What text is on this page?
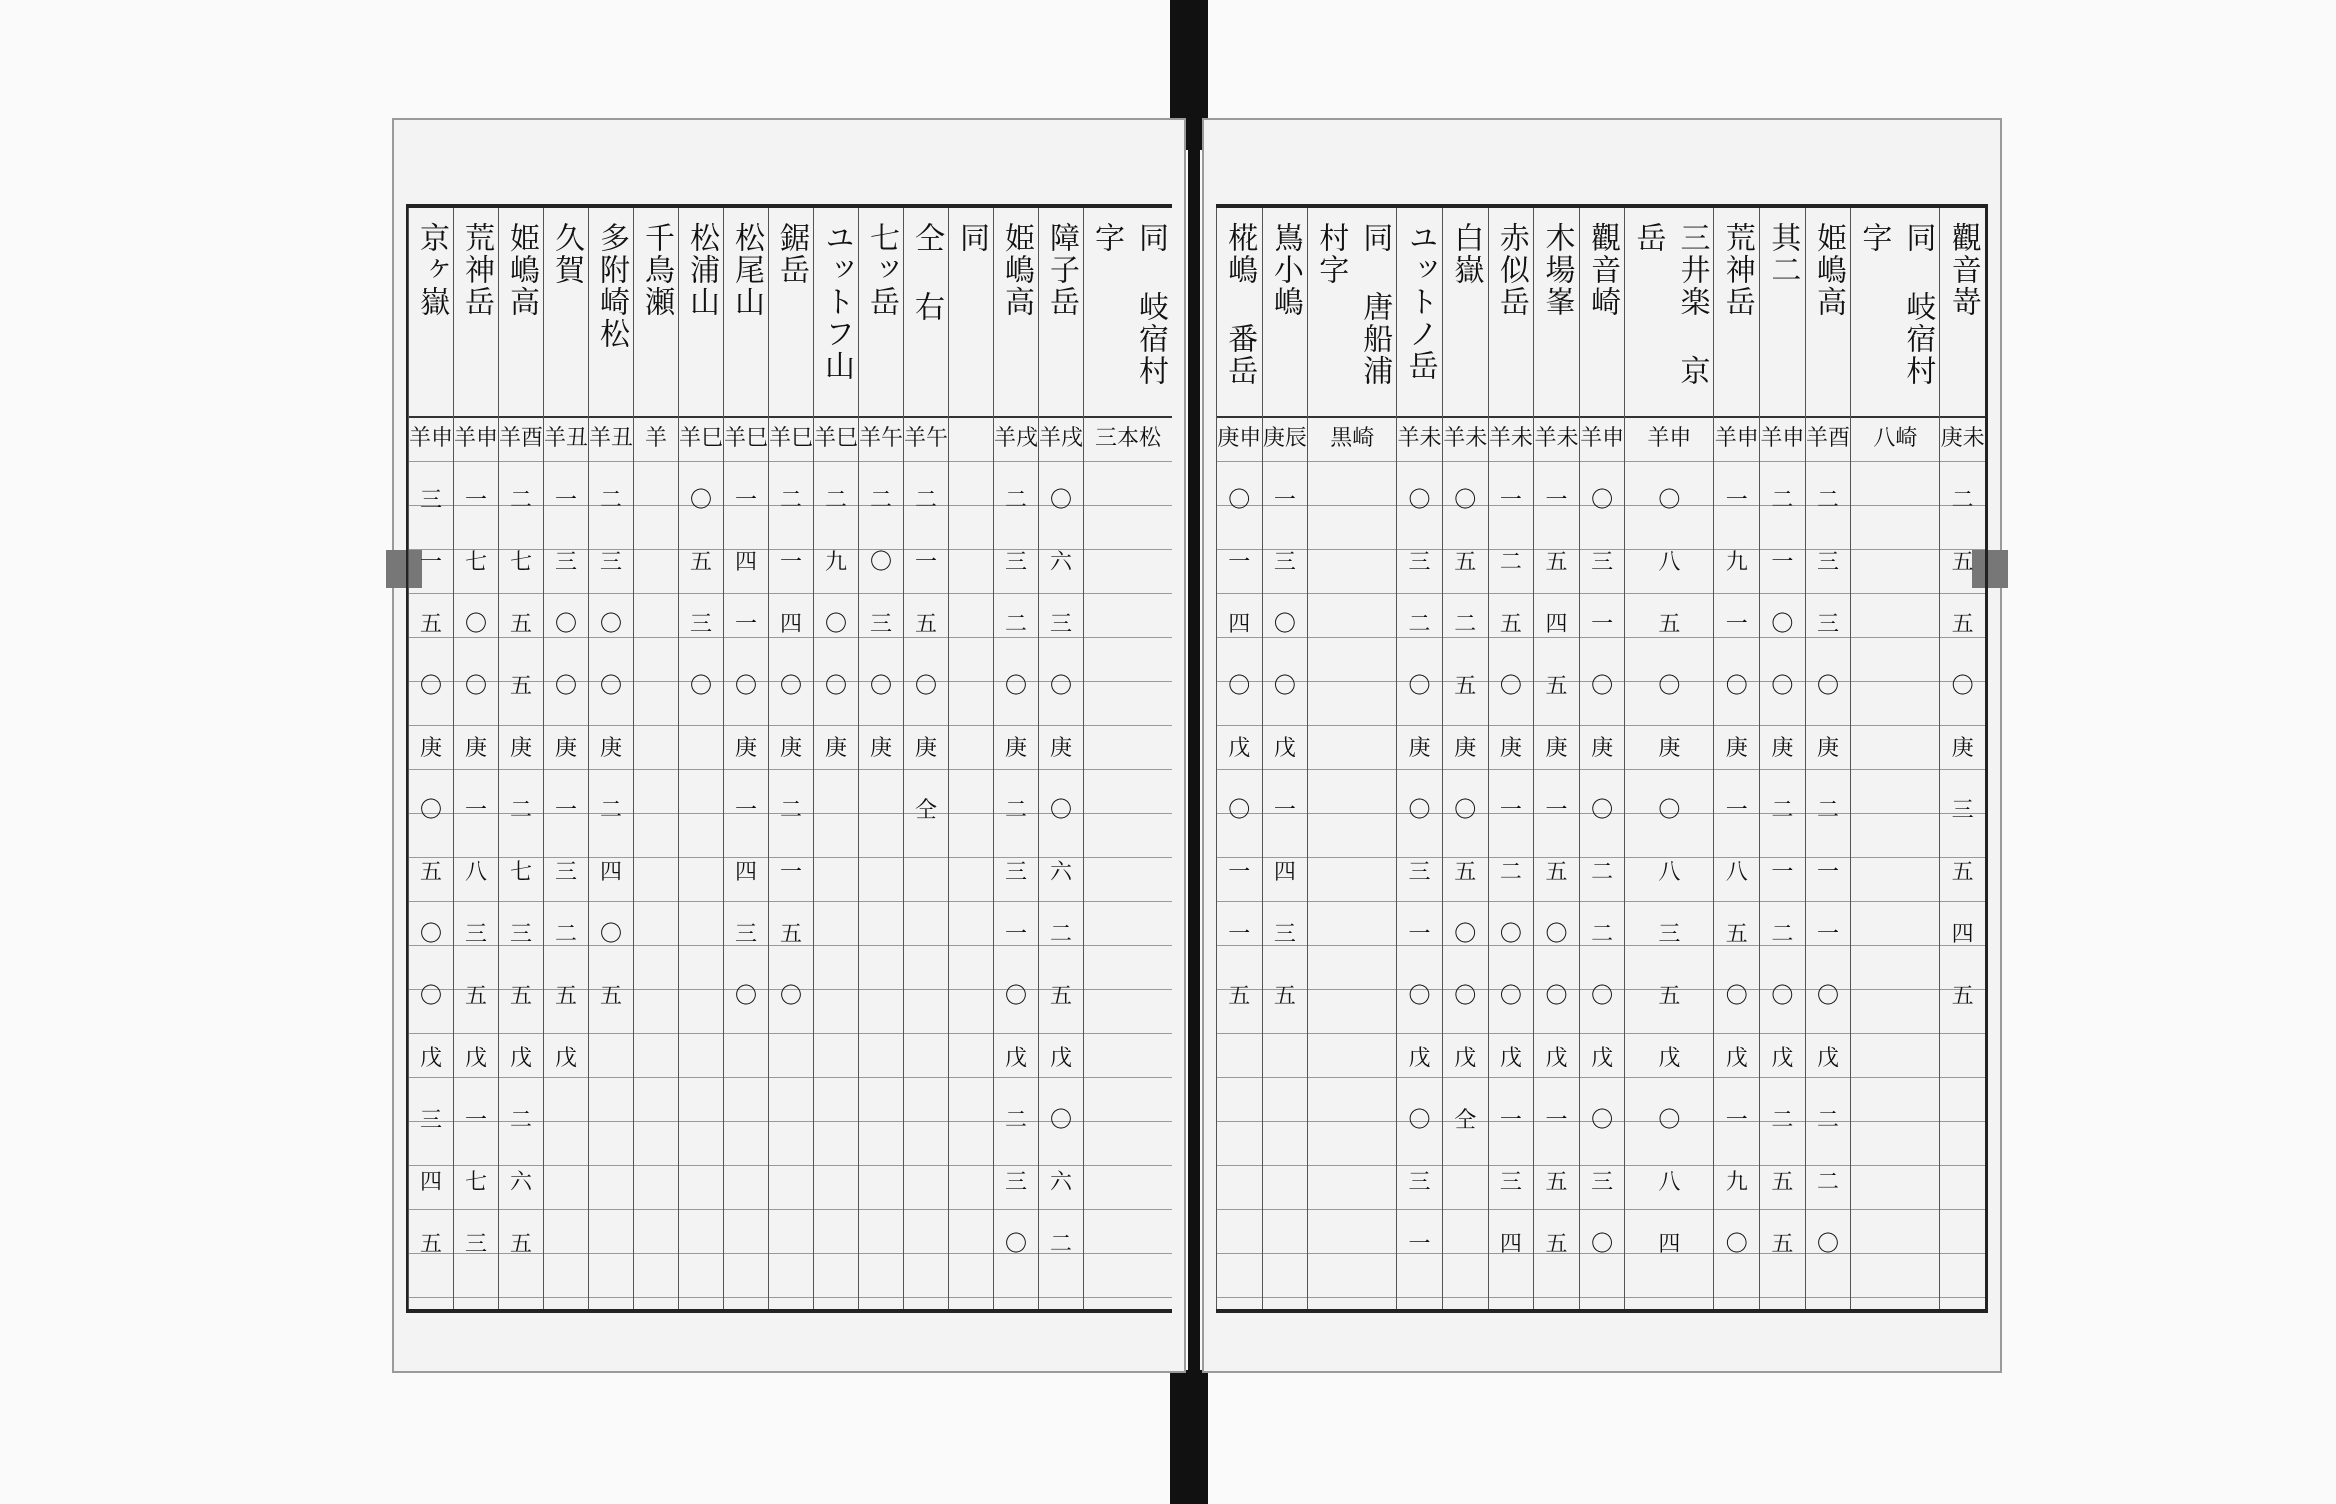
同 岐宿村字
三本松
障子岳
羊戌
〇
六
三
〇
庚
〇
六
二
五
戊
〇
六
二
姫嶋高
羊戌
二
三
二
〇
庚
二
三
一
〇
戊
二
三
〇
同
仝 右
羊午
二
一
五
〇
庚
仝
七ッ岳
羊午
二
〇
三
〇
庚
ユットフ山
羊巳
二
九
〇
〇
庚
鋸岳
羊巳
二
一
四
〇
庚
二
一
五
〇
松尾山
羊巳
一
四
一
〇
庚
一
四
三
〇
松浦山
羊巳
〇
五
三
〇
千鳥瀬
羊
多附崎松
羊丑
二
三
〇
〇
庚
二
四
〇
五
久賀
羊丑
一
三
〇
〇
庚
一
三
二
五
戊
姫嶋高
羊酉
二
七
五
五
庚
二
七
三
五
戊
二
六
五
荒神岳
羊申
一
七
〇
〇
庚
一
八
三
五
戊
一
七
三
京ヶ嶽
羊申
三
一
五
〇
庚
〇
五
〇
〇
戊
三
四
五
觀音嵜
庚未
二
五
五
〇
庚
三
五
四
五
同 岐宿村字
八崎
姫嶋高
羊酉
二
三
三
〇
庚
二
一
一
〇
戊
二
二
〇
其二
羊申
二
一
〇
〇
庚
二
一
二
〇
戊
二
五
五
荒神岳
羊申
一
九
一
〇
庚
一
八
五
〇
戊
一
九
〇
三井楽 京岳
羊申
〇
八
五
〇
庚
〇
八
三
五
戊
〇
八
四
觀音崎
羊申
〇
三
一
〇
庚
〇
二
二
〇
戊
〇
三
〇
木場峯
羊未
一
五
四
五
庚
一
五
〇
〇
戊
一
五
五
赤似岳
羊未
一
二
五
〇
庚
一
二
〇
〇
戊
一
三
四
白嶽
羊未
〇
五
二
五
庚
〇
五
〇
〇
戊
仝
ユットノ岳
羊未
〇
三
二
〇
庚
〇
三
一
〇
戊
〇
三
一
同 唐船浦村字
黒崎
嶌小嶋
庚辰
一
三
〇
〇
戊
一
四
三
五
椛嶋 番岳
庚申
〇
一
四
〇
戊
〇
一
一
五
